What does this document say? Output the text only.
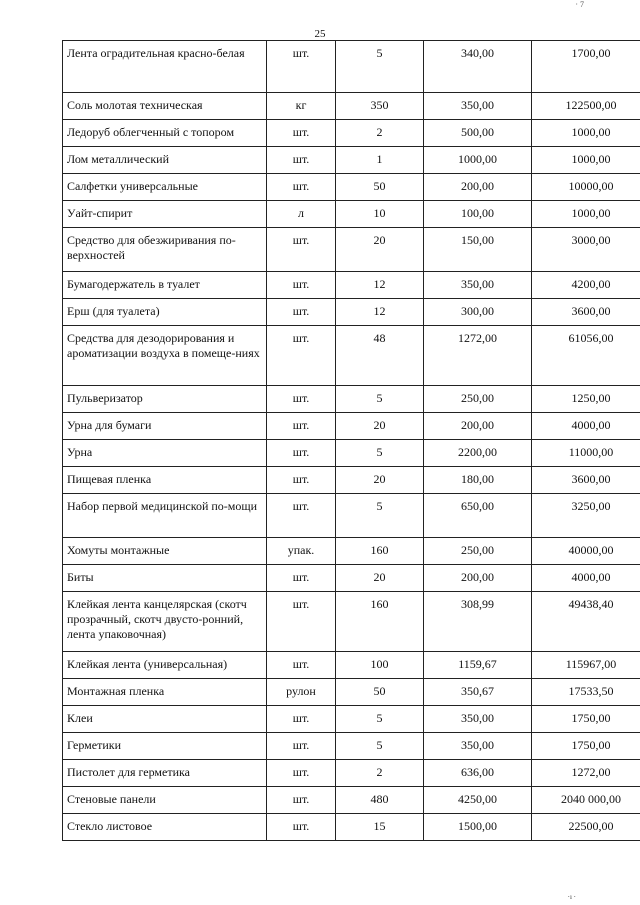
· 7
25
Лента оградительная красно-белая	шт.	5	340,00	1700,00
Соль молотая техническая	кг	350	350,00	122500,00
Ледоруб облегченный с топором	шт.	2	500,00	1000,00
Лом металлический	шт.	1	1000,00	1000,00
Салфетки универсальные	шт.	50	200,00	10000,00
Уайт-спирит	л	10	100,00	1000,00
Средство для обезжиривания по-верхностей	шт.	20	150,00	3000,00
Бумагодержатель в туалет	шт.	12	350,00	4200,00
Ерш (для туалета)	шт.	12	300,00	3600,00
Средства для дезодорирования и ароматизации воздуха в помеще-ниях	шт.	48	1272,00	61056,00
Пульверизатор	шт.	5	250,00	1250,00
Урна для бумаги	шт.	20	200,00	4000,00
Урна	шт.	5	2200,00	11000,00
Пищевая пленка	шт.	20	180,00	3600,00
Набор первой медицинской по-мощи	шт.	5	650,00	3250,00
Хомуты монтажные	упак.	160	250,00	40000,00
Биты	шт.	20	200,00	4000,00
Клейкая лента канцелярская (скотч прозрачный, скотч двусто-ронний, лента упаковочная)	шт.	160	308,99	49438,40
Клейкая лента (универсальная)	шт.	100	1159,67	115967,00
Монтажная пленка	рулон	50	350,67	17533,50
Клеи	шт.	5	350,00	1750,00
Герметики	шт.	5	350,00	1750,00
Пистолет для герметика	шт.	2	636,00	1272,00
Стеновые панели	шт.	480	4250,00	2040 000,00
Стекло листовое	шт.	15	1500,00	22500,00
·ı ·
